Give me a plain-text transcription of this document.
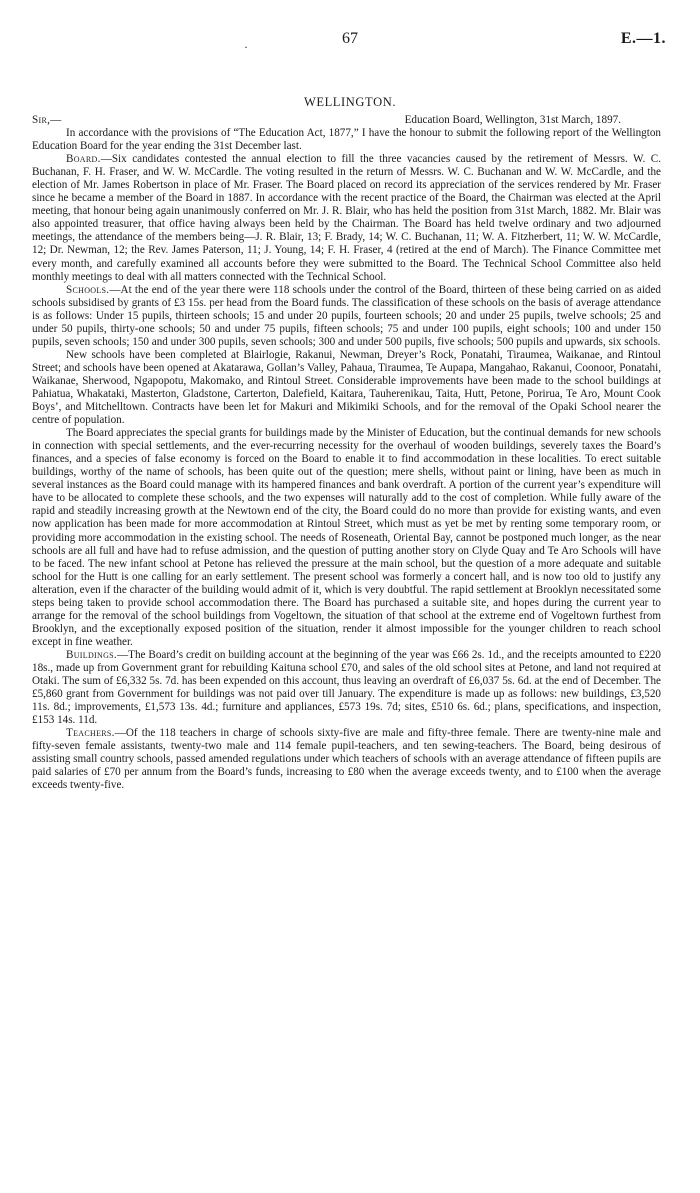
·	67	E.—1.
WELLINGTON.

Sir,—	Education Board, Wellington, 31st March, 1897.

In accordance with the provisions of “The Education Act, 1877,” I have the honour to submit the following report of the Wellington Education Board for the year ending the 31st December last.

Board.—Six candidates contested the annual election to fill the three vacancies caused by the retirement of Messrs. W. C. Buchanan, F. H. Fraser, and W. W. McCardle. The voting resulted in the return of Messrs. W. C. Buchanan and W. W. McCardle, and the election of Mr. James Robertson in place of Mr. Fraser. The Board placed on record its appreciation of the services rendered by Mr. Fraser since he became a member of the Board in 1887. In accordance with the recent practice of the Board, the Chairman was elected at the April meeting, that honour being again unanimously conferred on Mr. J. R. Blair, who has held the position from 31st March, 1882. Mr. Blair was also appointed treasurer, that office having always been held by the Chairman. The Board has held twelve ordinary and two adjourned meetings, the attendance of the members being—J. R. Blair, 13; F. Brady, 14; W. C. Buchanan, 11; W. A. Fitzherbert, 11; W. W. McCardle, 12; Dr. Newman, 12; the Rev. James Paterson, 11; J. Young, 14; F. H. Fraser, 4 (retired at the end of March). The Finance Committee met every month, and carefully examined all accounts before they were submitted to the Board. The Technical School Committee also held monthly meetings to deal with all matters connected with the Technical School.

Schools.—At the end of the year there were 118 schools under the control of the Board, thirteen of these being carried on as aided schools subsidised by grants of £3 15s. per head from the Board funds. The classification of these schools on the basis of average attendance is as follows: Under 15 pupils, thirteen schools; 15 and under 20 pupils, fourteen schools; 20 and under 25 pupils, twelve schools; 25 and under 50 pupils, thirty-one schools; 50 and under 75 pupils, fifteen schools; 75 and under 100 pupils, eight schools; 100 and under 150 pupils, seven schools; 150 and under 300 pupils, seven schools; 300 and under 500 pupils, five schools; 500 pupils and upwards, six schools.

New schools have been completed at Blairlogie, Rakanui, Newman, Dreyer’s Rock, Ponatahi, Tiraumea, Waikanae, and Rintoul Street; and schools have been opened at Akatarawa, Gollan’s Valley, Pahaua, Tiraumea, Te Aupapa, Mangahao, Rakanui, Coonoor, Ponatahi, Waikanae, Sherwood, Ngapopotu, Makomako, and Rintoul Street. Considerable improvements have been made to the school buildings at Pahiatua, Whakataki, Masterton, Gladstone, Carterton, Dalefield, Kaitara, Tauherenikau, Taita, Hutt, Petone, Porirua, Te Aro, Mount Cook Boys’, and Mitchelltown. Contracts have been let for Makuri and Mikimiki Schools, and for the removal of the Opaki School nearer the centre of population.

The Board appreciates the special grants for buildings made by the Minister of Education, but the continual demands for new schools in connection with special settlements, and the ever-recurring necessity for the overhaul of wooden buildings, severely taxes the Board’s finances, and a species of false economy is forced on the Board to enable it to find accommodation in these localities. To erect suitable buildings, worthy of the name of schools, has been quite out of the question; mere shells, without paint or lining, have been as much in several instances as the Board could manage with its hampered finances and bank overdraft. A portion of the current year’s expenditure will have to be allocated to complete these schools, and the two expenses will naturally add to the cost of completion. While fully aware of the rapid and steadily increasing growth at the Newtown end of the city, the Board could do no more than provide for existing wants, and even now application has been made for more accommodation at Rintoul Street, which must as yet be met by renting some temporary room, or providing more accommodation in the existing school. The needs of Roseneath, Oriental Bay, cannot be postponed much longer, as the near schools are all full and have had to refuse admission, and the question of putting another story on Clyde Quay and Te Aro Schools will have to be faced. The new infant school at Petone has relieved the pressure at the main school, but the question of a more adequate and suitable school for the Hutt is one calling for an early settlement. The present school was formerly a concert hall, and is now too old to justify any alteration, even if the character of the building would admit of it, which is very doubtful. The rapid settlement at Brooklyn necessitated some steps being taken to provide school accommodation there. The Board has purchased a suitable site, and hopes during the current year to arrange for the removal of the school buildings from Vogeltown, the situation of that school at the extreme end of Vogeltown furthest from Brooklyn, and the exceptionally exposed position of the situation, render it almost impossible for the younger children to reach school except in fine weather.

Buildings.—The Board’s credit on building account at the beginning of the year was £66 2s. 1d., and the receipts amounted to £220 18s., made up from Government grant for rebuilding Kaituna school £70, and sales of the old school sites at Petone, and land not required at Otaki. The sum of £6,332 5s. 7d. has been expended on this account, thus leaving an overdraft of £6,037 5s. 6d. at the end of December. The £5,860 grant from Government for buildings was not paid over till January. The expenditure is made up as follows: new buildings, £3,520 11s. 8d.; improvements, £1,573 13s. 4d.; furniture and appliances, £573 19s. 7d; sites, £510 6s. 6d.; plans, specifications, and inspection, £153 14s. 11d.

Teachers.—Of the 118 teachers in charge of schools sixty-five are male and fifty-three female. There are twenty-nine male and fifty-seven female assistants, twenty-two male and 114 female pupil-teachers, and ten sewing-teachers. The Board, being desirous of assisting small country schools, passed amended regulations under which teachers of schools with an average attendance of fifteen pupils are paid salaries of £70 per annum from the Board’s funds, increasing to £80 when the average exceeds twenty, and to £100 when the average exceeds twenty-five.
